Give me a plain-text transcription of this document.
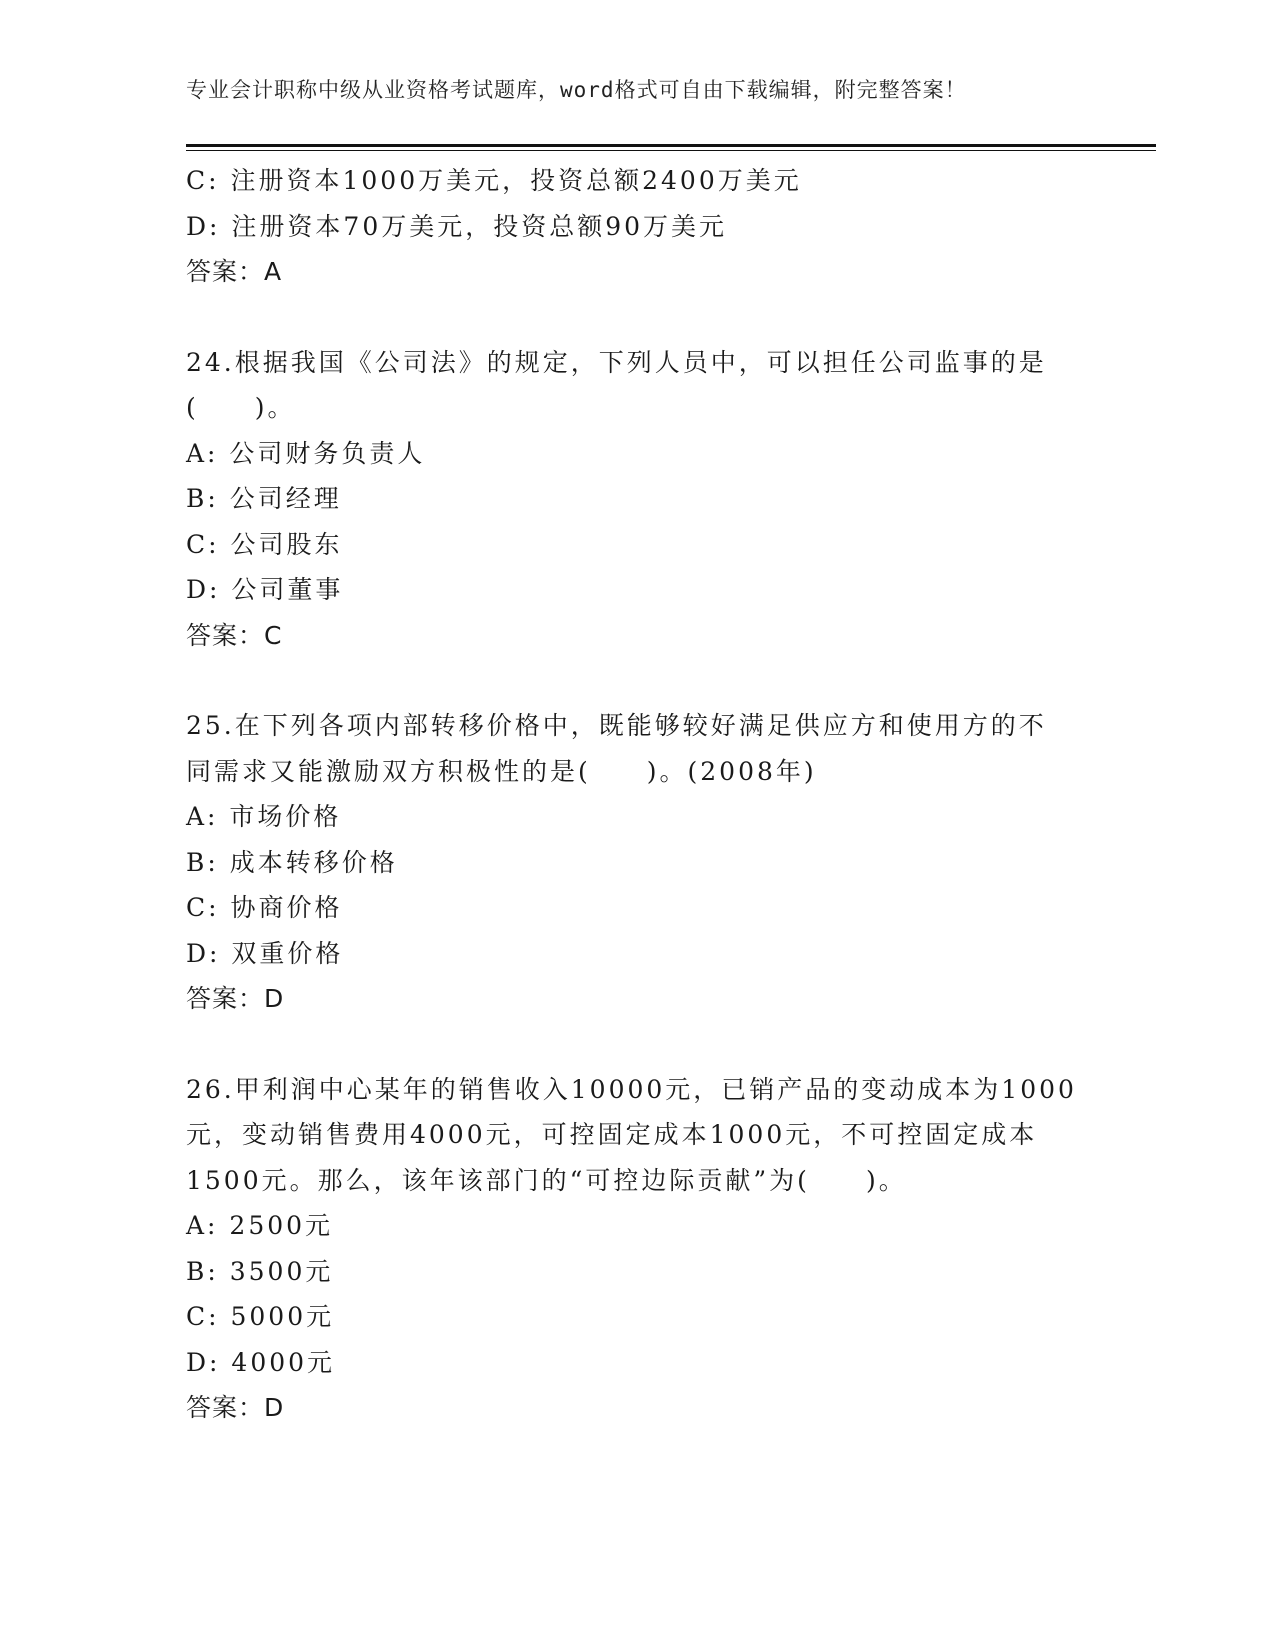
专业会计职称中级从业资格考试题库，word格式可自由下载编辑，附完整答案！
C: 注册资本1000万美元，投资总额2400万美元
D: 注册资本70万美元，投资总额90万美元
答案：A
24.根据我国《公司法》的规定，下列人员中，可以担任公司监事的是
(　　)。
A: 公司财务负责人
B: 公司经理
C: 公司股东
D: 公司董事
答案：C
25.在下列各项内部转移价格中，既能够较好满足供应方和使用方的不
同需求又能激励双方积极性的是(　　)。(2008年)
A: 市场价格
B: 成本转移价格
C: 协商价格
D: 双重价格
答案：D
26.甲利润中心某年的销售收入10000元，已销产品的变动成本为1000
元，变动销售费用4000元，可控固定成本1000元，不可控固定成本
1500元。那么，该年该部门的“可控边际贡献”为(　　)。
A: 2500元
B: 3500元
C: 5000元
D: 4000元
答案：D
